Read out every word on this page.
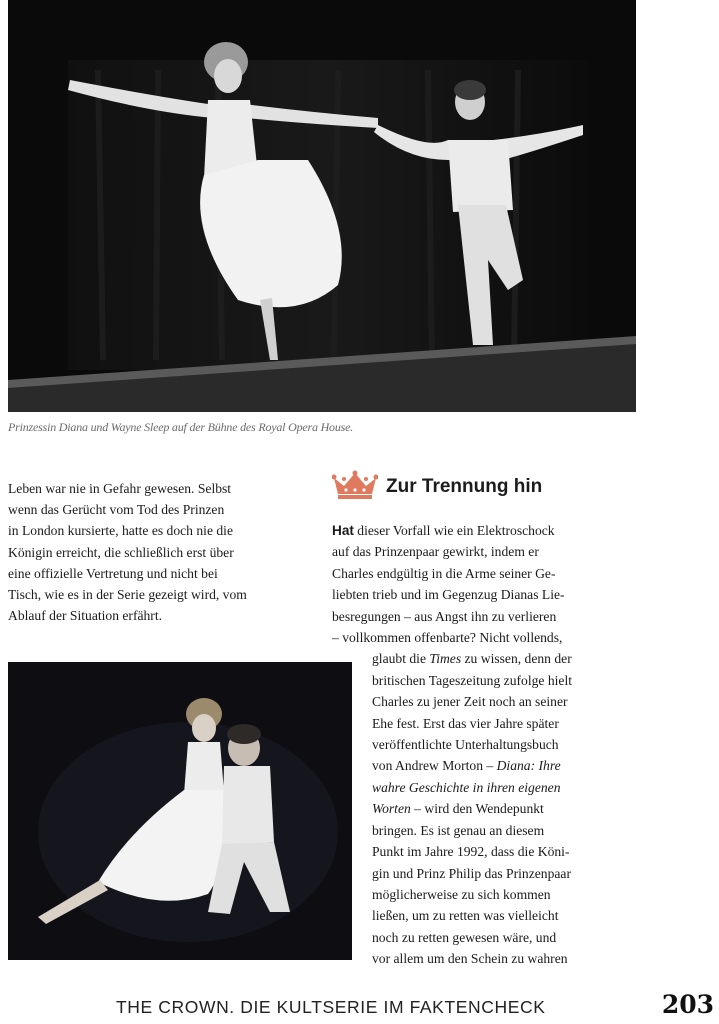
Prinzessin Diana und Wayne Sleep auf der Bühne des Royal Opera House.
Leben war nie in Gefahr gewesen. Selbst
wenn das Gerücht vom Tod des Prinzen
in London kursierte, hatte es doch nie die
Königin erreicht, die schließlich erst über
eine offizielle Vertretung und nicht bei
Tisch, wie es in der Serie gezeigt wird, vom
Ablauf der Situation erfährt.
Zur Trennung hin
Hat dieser Vorfall wie ein Elektroschock
auf das Prinzenpaar gewirkt, indem er
Charles endgültig in die Arme seiner Ge-
liebten trieb und im Gegenzug Dianas Lie-
besregungen – aus Angst ihn zu verlieren
– vollkommen offenbarte? Nicht vollends,
glaubt die Times zu wissen, denn der
britischen Tageszeitung zufolge hielt
Charles zu jener Zeit noch an seiner
Ehe fest. Erst das vier Jahre später
veröffentlichte Unterhaltungsbuch
von Andrew Morton – Diana: Ihre
wahre Geschichte in ihren eigenen
Worten – wird den Wendepunkt
bringen. Es ist genau an diesem
Punkt im Jahre 1992, dass die Köni-
gin und Prinz Philip das Prinzenpaar
möglicherweise zu sich kommen
ließen, um zu retten was vielleicht
noch zu retten gewesen wäre, und
vor allem um den Schein zu wahren
THE CROWN. DIE KULTSERIE IM FAKTENCHECK	203
